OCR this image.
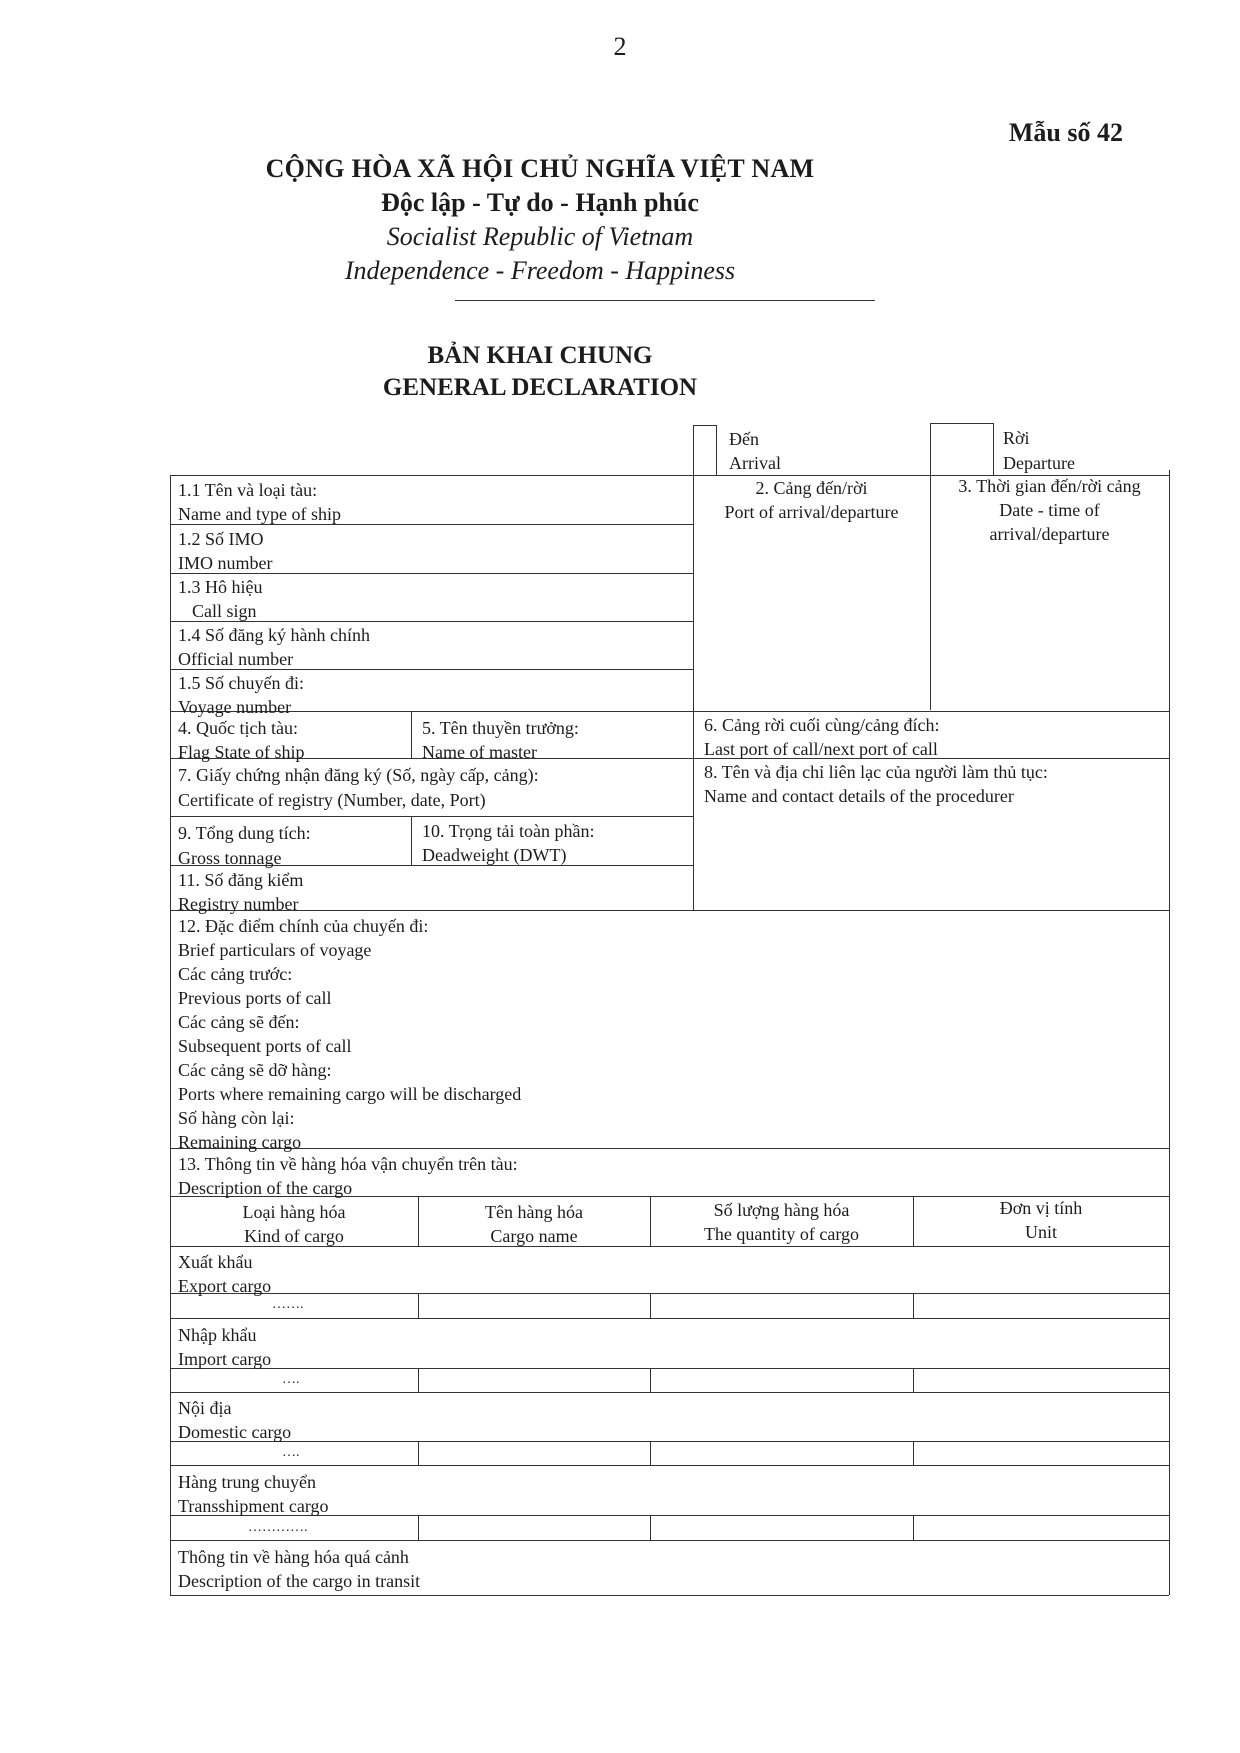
2
Mẫu số 42
CỘNG HÒA XÃ HỘI CHỦ NGHĨA VIỆT NAM
Độc lập - Tự do - Hạnh phúc
Socialist Republic of Vietnam
Independence - Freedom - Happiness
BẢN KHAI CHUNG
GENERAL DECLARATION
Đến
Arrival
Rời
Departure
1.1 Tên và loại tàu:
Name and type of ship
1.2 Số IMO
IMO number
1.3 Hô hiệu
Call sign
1.4 Số đăng ký hành chính
Official number
1.5 Số chuyến đi:
Voyage number
2. Cảng đến/rời
Port of arrival/departure
3. Thời gian đến/rời cảng
Date - time of
arrival/departure
4. Quốc tịch tàu:
Flag State of ship
5. Tên thuyền trưởng:
Name of master
6. Cảng rời cuối cùng/cảng đích:
Last port of call/next port of call
7. Giấy chứng nhận đăng ký (Số, ngày cấp, cảng):
Certificate of registry (Number, date, Port)
8. Tên và địa chỉ liên lạc của người làm thủ tục:
Name and contact details of the procedurer
9. Tổng dung tích:
Gross tonnage
10. Trọng tải toàn phần:
Deadweight (DWT)
11. Số đăng kiểm
Registry number
12. Đặc điểm chính của chuyến đi:
Brief particulars of voyage
Các cảng trước:
Previous ports of call
Các cảng sẽ đến:
Subsequent ports of call
Các cảng sẽ dỡ hàng:
Ports where remaining cargo will be discharged
Số hàng còn lại:
Remaining cargo
13. Thông tin về hàng hóa vận chuyển trên tàu:
Description of the cargo
Loại hàng hóa
Kind of cargo
Tên hàng hóa
Cargo name
Số lượng hàng hóa
The quantity of cargo
Đơn vị tính
Unit
Xuất khẩu
Export cargo
…….
Nhập khẩu
Import cargo
….
Nội địa
Domestic cargo
….
Hàng trung chuyển
Transshipment cargo
………….
Thông tin về hàng hóa quá cảnh
Description of the cargo in transit
